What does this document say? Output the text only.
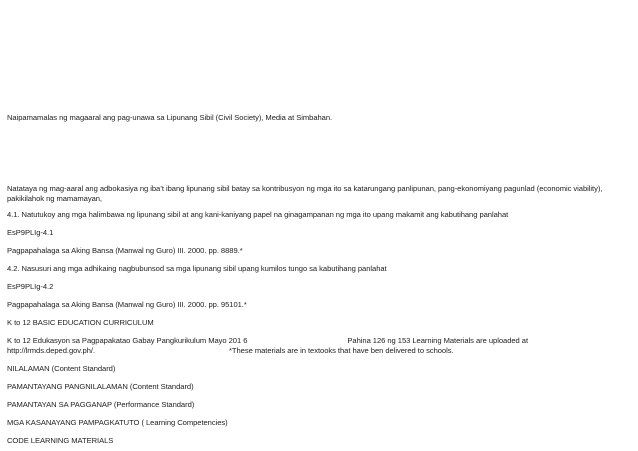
Naipamamalas ng magaaral ang pag-unawa sa Lipunang Sibil (Civil Society), Media at Simbahan.
Natataya ng mag-aaral ang adbokasiya ng iba’t ibang lipunang sibil batay sa kontribusyon ng mga ito sa katarungang panlipunan, pang-ekonomiyang pagunlad (economic viability), pakikilahok ng mamamayan,
4.1. Natutukoy ang mga halimbawa ng lipunang sibil at ang kani-kaniyang papel na ginagampanan ng mga ito upang makamit ang kabutihang panlahat
EsP9PLIg-4.1
Pagpapahalaga sa Aking Bansa (Manwal ng Guro) III. 2000. pp. 8889.*
4.2. Nasusuri ang mga adhikaing nagbubunsod sa mga lipunang sibil upang kumilos tungo sa kabutihang panlahat
EsP9PLIg-4.2
Pagpapahalaga sa Aking Bansa (Manwal ng Guro) III. 2000. pp. 95101.*
K to 12 BASIC EDUCATION CURRICULUM
K to 12 Edukasyon sa Pagpapakatao Gabay Pangkurikulum Mayo 201 6	Pahina 126 ng 153 Learning Materials are uploaded at
http://lrmds.deped.gov.ph/.	*These materials are in textooks that have ben delivered to schools.
NILALAMAN (Content Standard)
PAMANTAYANG PANGNILALAMAN (Content Standard)
PAMANTAYAN SA PAGGANAP (Performance Standard)
MGA KASANAYANG PAMPAGKATUTO ( Learning Competencies)
CODE LEARNING MATERIALS
